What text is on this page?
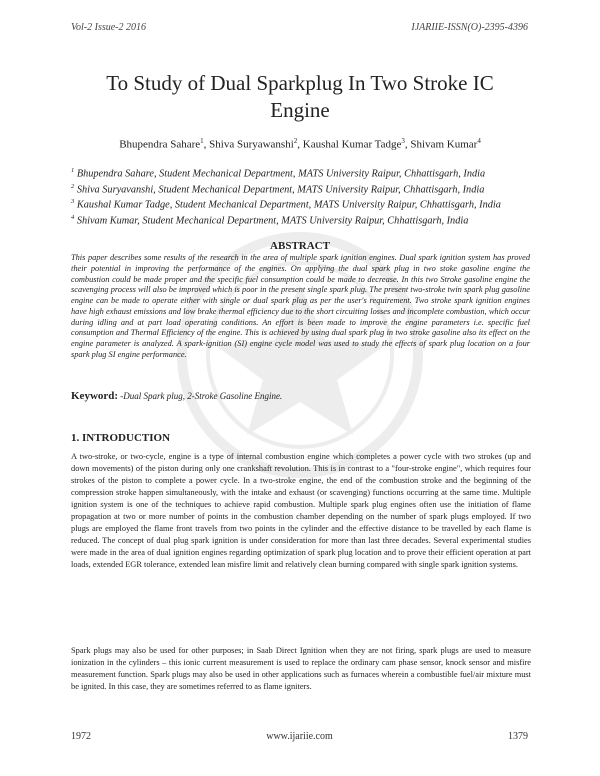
Vol-2 Issue-2 2016	IJARIIE-ISSN(O)-2395-4396
To Study of Dual Sparkplug In Two Stroke IC
Engine
Bhupendra Sahare$^1$, Shiva Suryawanshi$^2$, Kaushal Kumar Tadge$^3$, Shivam Kumar$^4$
$^1$ Bhupendra Sahare, Student Mechanical Department, MATS University Raipur, Chhattisgarh, India
$^2$ Shiva Suryavanshi, Student Mechanical Department, MATS University Raipur, Chhattisgarh, India
$^3$ Kaushal Kumar Tadge, Student Mechanical Department, MATS University Raipur, Chhattisgarh, India
$^4$ Shivam Kumar, Student Mechanical Department, MATS University Raipur, Chhattisgarh, India
ABSTRACT
This paper describes some results of the research in the area of multiple spark ignition engines. Dual spark ignition system has proved their potential in improving the performance of the engines. On applying the dual spark plug in two stoke gasoline engine the combustion could be made proper and the specific fuel consumption could be made to decrease. In this two Stroke gasoline engine the scavenging process will also be improved which is poor in the present single spark plug. The present two-stroke twin spark plug gasoline engine can be made to operate either with single or dual spark plug as per the user's requirement. Two stroke spark ignition engines have high exhaust emissions and low brake thermal efficiency due to the short circuiting losses and incomplete combustion, which occur during idling and at part load operating conditions. An effort is been made to improve the engine parameters i.e. specific fuel consumption and Thermal Efficiency of the engine. This is achieved by using dual spark plug in two stroke gasoline also its effect on the engine parameter is analyzed. A spark-ignition (SI) engine cycle model was used to study the effects of spark plug location on a four spark plug SI engine performance.
Keyword: -Dual Spark plug, 2-Stroke Gasoline Engine.
1. INTRODUCTION
A two-stroke, or two-cycle, engine is a type of internal combustion engine which completes a power cycle with two strokes (up and down movements) of the piston during only one crankshaft revolution. This is in contrast to a "four-stroke engine", which requires four strokes of the piston to complete a power cycle. In a two-stroke engine, the end of the combustion stroke and the beginning of the compression stroke happen simultaneously, with the intake and exhaust (or scavenging) functions occurring at the same time. Multiple ignition system is one of the techniques to achieve rapid combustion. Multiple spark plug engines often use the initiation of flame propagation at two or more number of points in the combustion chamber depending on the number of spark plugs employed. If two plugs are employed the flame front travels from two points in the cylinder and the effective distance to be travelled by each flame is reduced. The concept of dual plug spark ignition is under consideration for more than last three decades. Several experimental studies were made in the area of dual ignition engines regarding optimization of spark plug location and to prove their efficient operation at part loads, extended EGR tolerance, extended lean misfire limit and relatively clean burning compared with single spark ignition systems.
Spark plugs may also be used for other purposes; in Saab Direct Ignition when they are not firing, spark plugs are used to measure ionization in the cylinders – this ionic current measurement is used to replace the ordinary cam phase sensor, knock sensor and misfire measurement function. Spark plugs may also be used in other applications such as furnaces wherein a combustible fuel/air mixture must be ignited. In this case, they are sometimes referred to as flame igniters.
1972	www.ijariie.com	1379
